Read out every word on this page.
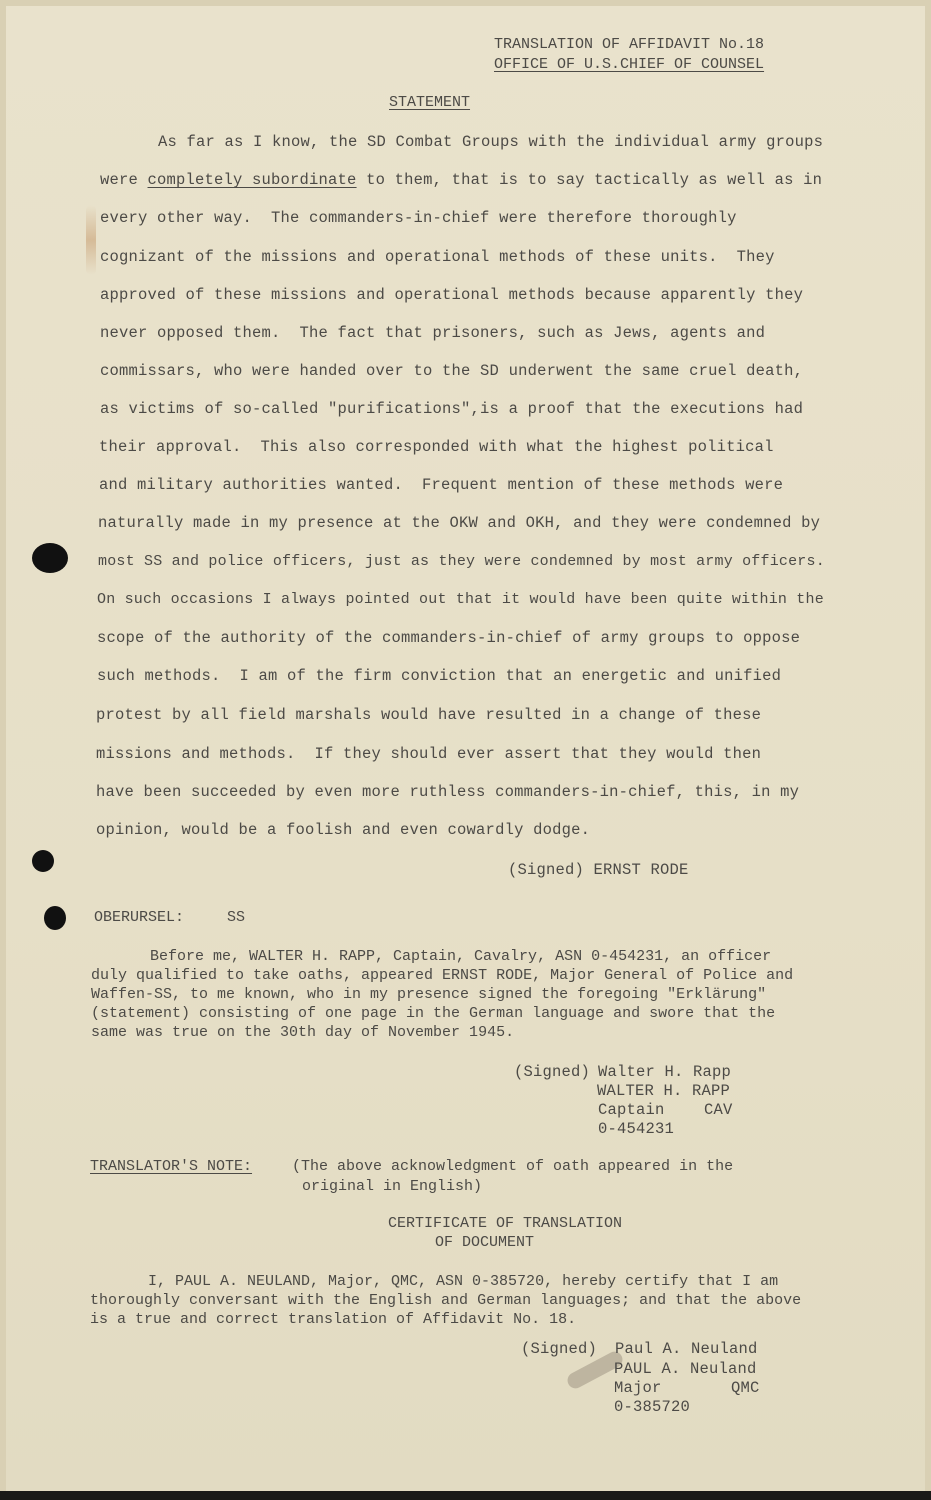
TRANSLATION OF AFFIDAVIT No.18
OFFICE OF U.S.CHIEF OF COUNSEL
STATEMENT
As far as I know, the SD Combat Groups with the individual army groups
were completely subordinate to them, that is to say tactically as well as in
every other way.  The commanders-in-chief were therefore thoroughly
cognizant of the missions and operational methods of these units.  They
approved of these missions and operational methods because apparently they
never opposed them.  The fact that prisoners, such as Jews, agents and
commissars, who were handed over to the SD underwent the same cruel death,
as victims of so-called "purifications",is a proof that the executions had
their approval.  This also corresponded with what the highest political
and military authorities wanted.  Frequent mention of these methods were
naturally made in my presence at the OKW and OKH, and they were condemned by
most SS and police officers, just as they were condemned by most army officers.
On such occasions I always pointed out that it would have been quite within the
scope of the authority of the commanders-in-chief of army groups to oppose
such methods.  I am of the firm conviction that an energetic and unified
protest by all field marshals would have resulted in a change of these
missions and methods.  If they should ever assert that they would then
have been succeeded by even more ruthless commanders-in-chief, this, in my
opinion, would be a foolish and even cowardly dodge.
(Signed) ERNST RODE
OBERURSEL:	SS
Before me, WALTER H. RAPP, Captain, Cavalry, ASN 0-454231, an officer
duly qualified to take oaths, appeared ERNST RODE, Major General of Police and
Waffen-SS, to me known, who in my presence signed the foregoing "Erklärung"
(statement) consisting of one page in the German language and swore that the
same was true on the 30th day of November 1945.
(Signed) Walter H. Rapp
WALTER H. RAPP
Captain	CAV
0-454231
TRANSLATOR'S NOTE:	(The above acknowledgment of oath appeared in the
original in English)
CERTIFICATE OF TRANSLATION
OF DOCUMENT
I, PAUL A. NEULAND, Major, QMC, ASN 0-385720, hereby certify that I am
thoroughly conversant with the English and German languages; and that the above
is a true and correct translation of Affidavit No. 18.
(Signed) Paul A. Neuland
PAUL A. Neuland
Major	QMC
0-385720
